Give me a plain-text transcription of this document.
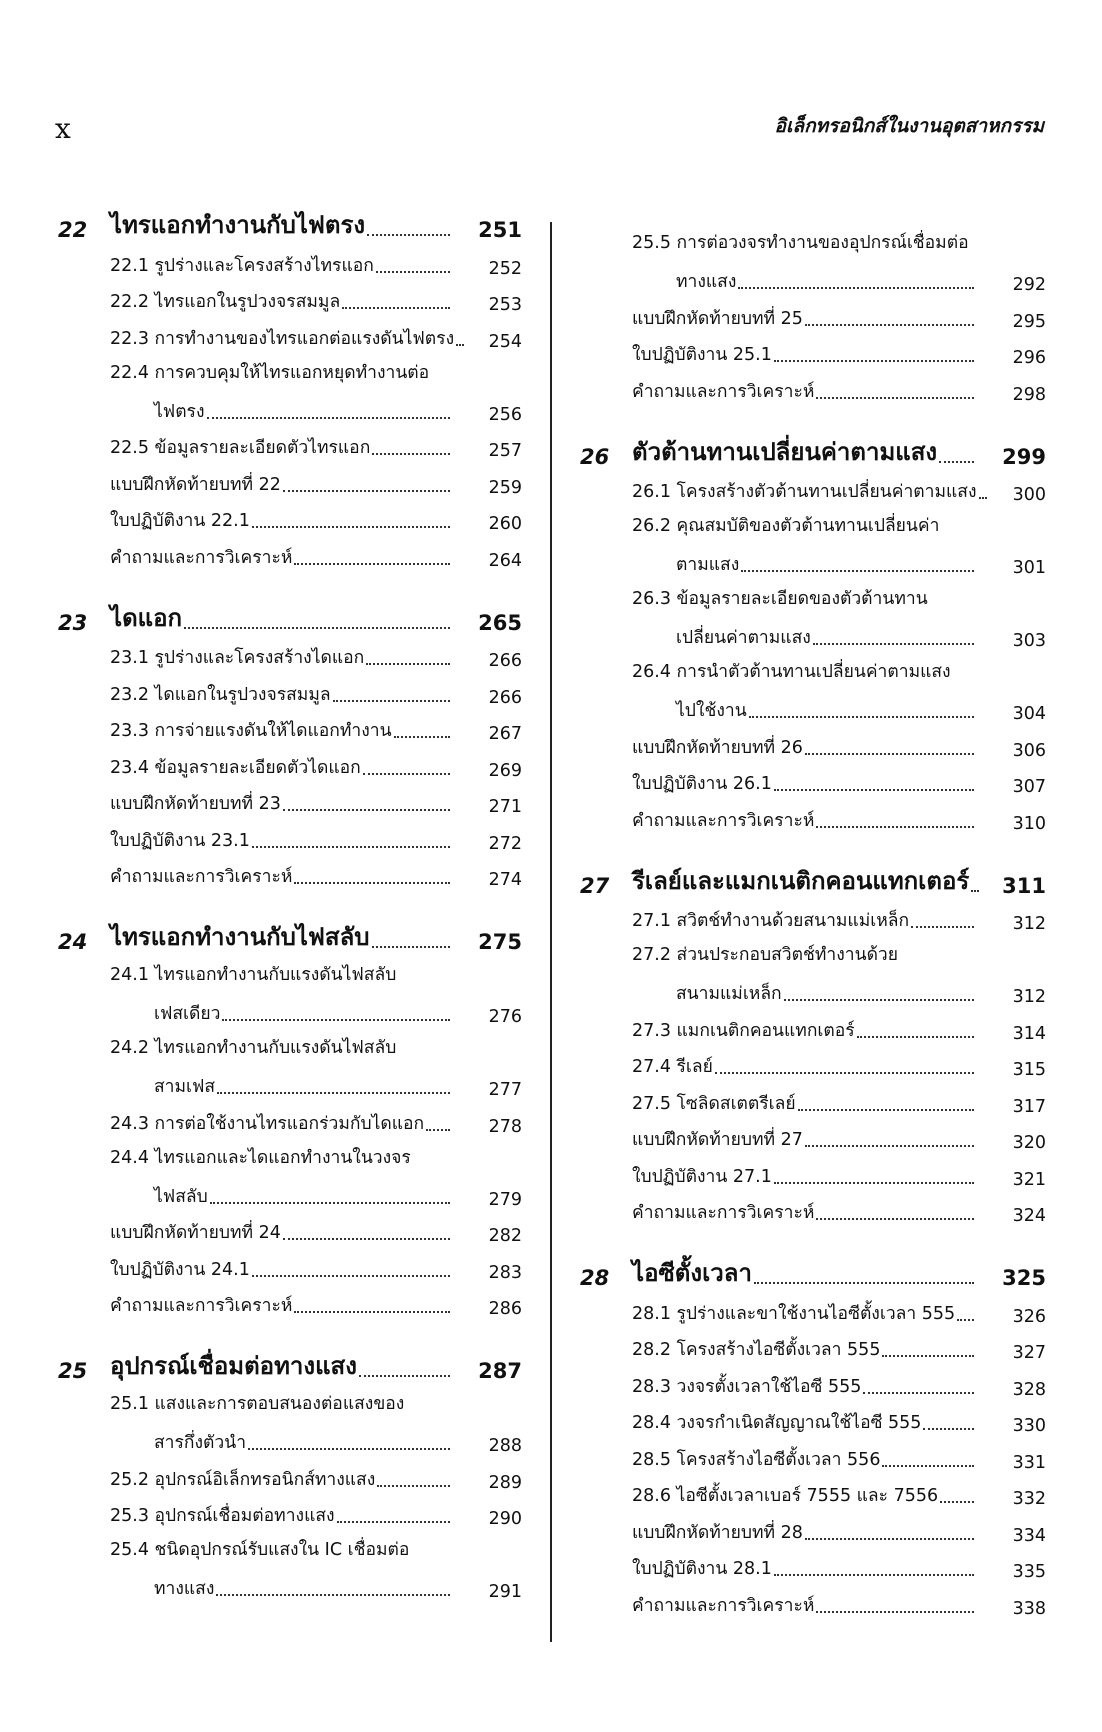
x	อิเล็กทรอนิกส์ในงานอุตสาหกรรม
22 ไทรแอกทำงานกับไฟตรง	251
22.1 รูปร่างและโครงสร้างไทรแอก	252
22.2 ไทรแอกในรูปวงจรสมมูล	253
22.3 การทำงานของไทรแอกต่อแรงดันไฟตรง 254
22.4 การควบคุมให้ไทรแอกหยุดทำงานต่อ
ไฟตรง	256
22.5 ข้อมูลรายละเอียดตัวไทรแอก	257
แบบฝึกหัดท้ายบทที่ 22	259
ใบปฏิบัติงาน 22.1	260
คำถามและการวิเคราะห์	264
23 ไดแอก	265
23.1 รูปร่างและโครงสร้างไดแอก	266
23.2 ไดแอกในรูปวงจรสมมูล	266
23.3 การจ่ายแรงดันให้ไดแอกทำงาน	267
23.4 ข้อมูลรายละเอียดตัวไดแอก	269
แบบฝึกหัดท้ายบทที่ 23	271
ใบปฏิบัติงาน 23.1	272
คำถามและการวิเคราะห์	274
24 ไทรแอกทำงานกับไฟสลับ	275
24.1 ไทรแอกทำงานกับแรงดันไฟสลับ
เฟสเดียว	276
24.2 ไทรแอกทำงานกับแรงดันไฟสลับ
สามเฟส	277
24.3 การต่อใช้งานไทรแอกร่วมกับไดแอก	278
24.4 ไทรแอกและไดแอกทำงานในวงจร
ไฟสลับ	279
แบบฝึกหัดท้ายบทที่ 24	282
ใบปฏิบัติงาน 24.1	283
คำถามและการวิเคราะห์	286
25 อุปกรณ์เชื่อมต่อทางแสง	287
25.1 แสงและการตอบสนองต่อแสงของ
สารกึ่งตัวนำ	288
25.2 อุปกรณ์อิเล็กทรอนิกส์ทางแสง	289
25.3 อุปกรณ์เชื่อมต่อทางแสง	290
25.4 ชนิดอุปกรณ์รับแสงใน IC เชื่อมต่อ
ทางแสง	291
25.5 การต่อวงจรทำงานของอุปกรณ์เชื่อมต่อ
ทางแสง	292
แบบฝึกหัดท้ายบทที่ 25	295
ใบปฏิบัติงาน 25.1	296
คำถามและการวิเคราะห์	298
26 ตัวต้านทานเปลี่ยนค่าตามแสง	299
26.1 โครงสร้างตัวต้านทานเปลี่ยนค่าตามแสง 300
26.2 คุณสมบัติของตัวต้านทานเปลี่ยนค่า
ตามแสง	301
26.3 ข้อมูลรายละเอียดของตัวต้านทาน
เปลี่ยนค่าตามแสง	303
26.4 การนำตัวต้านทานเปลี่ยนค่าตามแสง
ไปใช้งาน	304
แบบฝึกหัดท้ายบทที่ 26	306
ใบปฏิบัติงาน 26.1	307
คำถามและการวิเคราะห์	310
27 รีเลย์และแมกเนติกคอนแทกเตอร์ 311
27.1 สวิตช์ทำงานด้วยสนามแม่เหล็ก	312
27.2 ส่วนประกอบสวิตช์ทำงานด้วย
สนามแม่เหล็ก	312
27.3 แมกเนติกคอนแทกเตอร์	314
27.4 รีเลย์	315
27.5 โซลิดสเตตรีเลย์	317
แบบฝึกหัดท้ายบทที่ 27	320
ใบปฏิบัติงาน 27.1	321
คำถามและการวิเคราะห์	324
28 ไอซีตั้งเวลา	325
28.1 รูปร่างและขาใช้งานไอซีตั้งเวลา 555	326
28.2 โครงสร้างไอซีตั้งเวลา 555	327
28.3 วงจรตั้งเวลาใช้ไอซี 555	328
28.4 วงจรกำเนิดสัญญาณใช้ไอซี 555	330
28.5 โครงสร้างไอซีตั้งเวลา 556	331
28.6 ไอซีตั้งเวลาเบอร์ 7555 และ 7556	332
แบบฝึกหัดท้ายบทที่ 28	334
ใบปฏิบัติงาน 28.1	335
คำถามและการวิเคราะห์	338
